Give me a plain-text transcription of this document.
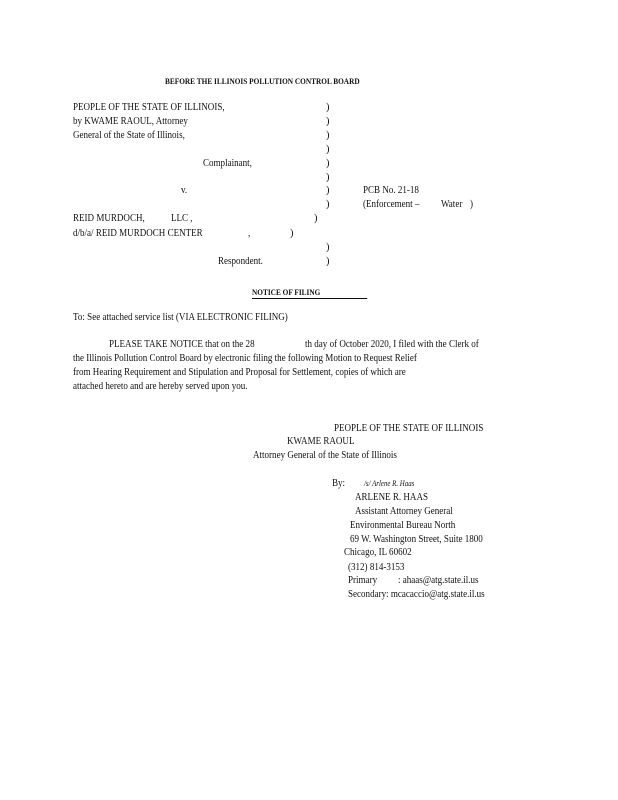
BEFORE THE ILLINOIS POLLUTION CONTROL BOARD
PEOPLE OF THE STATE OF ILLINOIS,
by KWAME RAOUL, Attorney
General of the State of Illinois,
Complainant,
v.
)
)
)
)
)
)
)
)
)
)
)
)
PCB No. 21-18
(Enforcement – Water )
REID MURDOCH,	LLC ,
d/b/a/ REID MURDOCH CENTER	,
Respondent.
NOTICE OF FILING
To: See attached service list (VIA ELECTRONIC FILING)
PLEASE TAKE NOTICE that on the 28	th day of October 2020, I filed with the Clerk of
the Illinois Pollution Control Board by electronic filing the following Motion to Request Relief
from Hearing Requirement and Stipulation and Proposal for Settlement, copies of which are
attached hereto and are hereby served upon you.
PEOPLE OF THE STATE OF ILLINOIS
KWAME RAOUL
Attorney General of the State of Illinois
By: /s/ Arlene R. Haas
ARLENE R. HAAS
Assistant Attorney General
Environmental Bureau North
69 W. Washington Street, Suite 1800
Chicago, IL 60602
(312) 814-3153
Primary : ahaas@atg.state.il.us
Secondary: mcacaccio@atg.state.il.us
